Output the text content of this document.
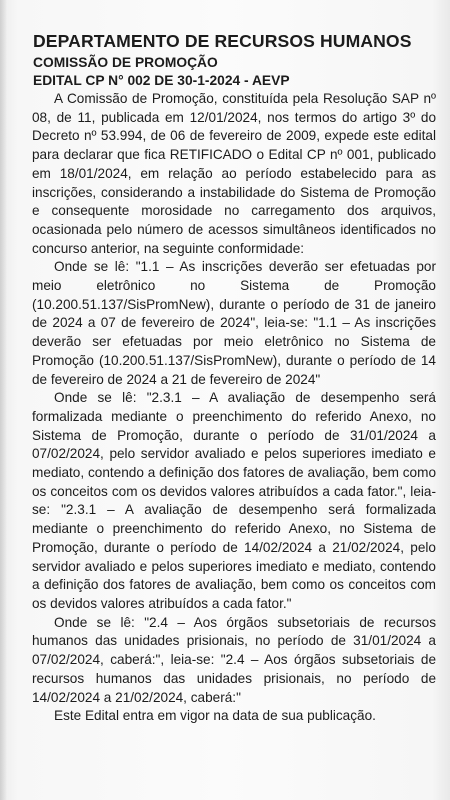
DEPARTAMENTO DE RECURSOS HUMANOS
COMISSÃO DE PROMOÇÃO
EDITAL CP N° 002 DE 30-1-2024 - AEVP

A Comissão de Promoção, constituída pela Resolução SAP nº 08, de 11, publicada em 12/01/2024, nos termos do artigo 3º do Decreto nº 53.994, de 06 de fevereiro de 2009, expede este edital para declarar que fica RETIFICADO o Edital CP nº 001, publicado em 18/01/2024, em relação ao período estabelecido para as inscrições, considerando a instabilidade do Sistema de Promoção e consequente morosidade no carregamento dos arquivos, ocasionada pelo número de acessos simultâneos identificados no concurso anterior, na seguinte conformidade:

Onde se lê: "1.1 – As inscrições deverão ser efetuadas por meio eletrônico no Sistema de Promoção (10.200.51.137/SisPromNew), durante o período de 31 de janeiro de 2024 a 07 de fevereiro de 2024", leia-se: "1.1 – As inscrições deverão ser efetuadas por meio eletrônico no Sistema de Promoção (10.200.51.137/SisPromNew), durante o período de 14 de fevereiro de 2024 a 21 de fevereiro de 2024"

Onde se lê: "2.3.1 – A avaliação de desempenho será formalizada mediante o preenchimento do referido Anexo, no Sistema de Promoção, durante o período de 31/01/2024 a 07/02/2024, pelo servidor avaliado e pelos superiores imediato e mediato, contendo a definição dos fatores de avaliação, bem como os conceitos com os devidos valores atribuídos a cada fator.", leia-se: "2.3.1 – A avaliação de desempenho será formalizada mediante o preenchimento do referido Anexo, no Sistema de Promoção, durante o período de 14/02/2024 a 21/02/2024, pelo servidor avaliado e pelos superiores imediato e mediato, contendo a definição dos fatores de avaliação, bem como os conceitos com os devidos valores atribuídos a cada fator."

Onde se lê: "2.4 – Aos órgãos subsetoriais de recursos humanos das unidades prisionais, no período de 31/01/2024 a 07/02/2024, caberá:", leia-se: "2.4 – Aos órgãos subsetoriais de recursos humanos das unidades prisionais, no período de 14/02/2024 a 21/02/2024, caberá:"

Este Edital entra em vigor na data de sua publicação.
